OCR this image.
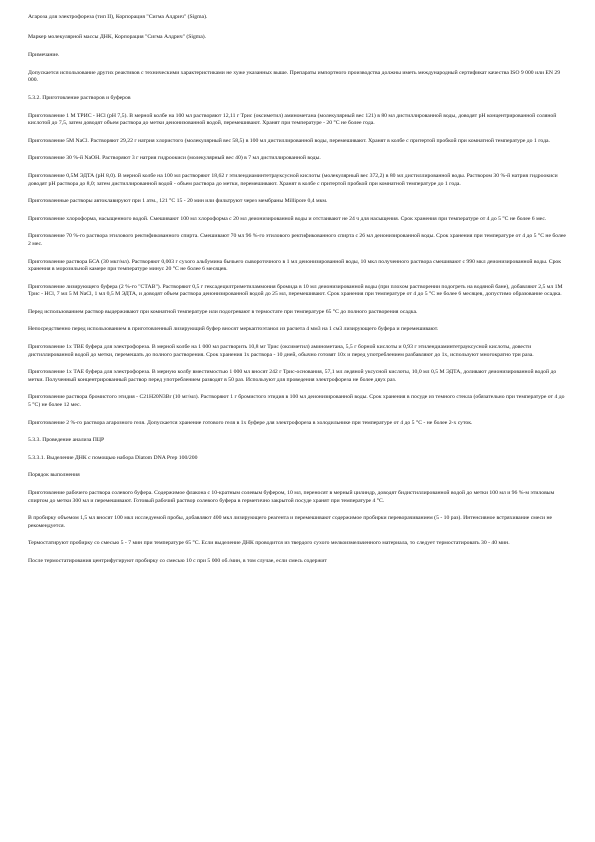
Агароза для электрофореза (тип II), Корпорация "Сигма Алдрич" (Sigma).

Маркер молекулярной массы ДНК, Корпорация "Сигма Алдрич" (Sigma).

Примечание.

Допускается использование других реактивов с техническими характеристиками не хуже указанных выше. Препараты импортного производства должны иметь международный сертификат качества ISO 9 000 или EN 29 000.

5.3.2. Приготовление растворов и буферов

Приготовление 1 М ТРИС - HCl (pH 7,5). В мерной колбе на 100 мл растворяют 12,11 г Трис (оксиметил) аминометана (молекулярный вес 121) в 80 мл дистиллированной воды, доводят pH концентрированной соляной кислотой до 7,5, затем доводят объем раствора до метки деионизованной водой, перемешивают. Хранят при температуре - 20 °С не более года.

Приготовление 5М NaCl. Растворяют 29,22 г натрия хлористого (молекулярный вес 58,5) в 100 мл дистиллированной воды, перемешивают. Хранят в колбе с притертой пробкой при комнатной температуре до 1 года.

Приготовление 30 %-й NaOH. Растворяют 3 г натрия гидроокиси (молекулярный вес 40) в 7 мл дистиллированной воды.

Приготовление 0,5М ЭДТА (pH 8,0). В мерной колбе на 100 мл растворяют 18,62 г этилендиаминтетрауксусной кислоты (молекулярный вес 372,2) в 80 мл дистиллированной воды. Раствором 30 %-й натрия гидроокиси доводят pH раствора до 8,0; затем дистиллированной водой - объем раствора до метки, перемешивают. Хранят в колбе с притертой пробкой при комнатной температуре до 1 года.

Приготовленные растворы автоклавируют при 1 атм., 121 °С 15 - 20 мин или фильтруют через мембраны Millipore 0,4 мкм.

Приготовление хлороформа, насыщенного водой. Смешивают 100 мл хлороформа с 20 мл деионизированной воды и отстаивают не 24 ч для насыщения. Срок хранения при температуре от 4 до 5 °С не более 6 мес.

Приготовление 70 %-го раствора этилового ректификованного спирта. Смешивают 70 мл 96 %-го этилового ректификованного спирта с 26 мл деионизированной воды. Срок хранения при температуре от 4 до 5 °С не более 2 мес.

Приготовление раствора БСА (30 мкг/мл). Растворяют 0,003 г сухого альбумина бычьего сывороточного в 1 мл деионизированной воды, 10 мкл полученного раствора смешивают с 990 мкл деионизированной воды. Срок хранения в морозильной камере при температуре минус 20 °С не более 6 месяцев.

Приготовление лизирующего буфера (2 %-го "СТАВ"). Растворяют 0,5 г гексадецилтриметиламмония бромида в 10 мл деионизированной воды (при плохом растворении подогреть на водяной бане), добавляют 2,5 мл 1М Трис - HCl, 7 мл 5 М NaCl, 1 мл 0,5 М ЭДТА, и доводят объем раствора деионизированной водой до 25 мл, перемешивают. Срок хранения при температуре от 4 до 5 °С не более 6 месяцев, допустимо образование осадка.

Перед использованием раствор выдерживают при комнатной температуре или подогревают в термостате при температуре 65 °С до полного растворения осадка.

Непосредственно перед использованием в приготовленный лизирующий буфер вносят меркаптоэтанол из расчета 4 мм3 на 1 см3 лизирующего буфера и перемешивают.

Приготовление 1х ТВЕ буфера для электрофореза. В мерной колбе на 1 000 мл растворить 10,8 мг Трис (оксиметил) аминометана, 5,5 г борной кислоты и 0,93 г этилендиаминтетрауксусной кислоты, довести дистиллированной водой до метки, перемешать до полного растворения. Срок хранения 1х раствора - 10 дней, обычно готовят 10х и перед употреблением разбавляют до 1х, используют многократно три раза.

Приготовление 1х ТАЕ буфера для электрофореза. В мерную колбу вместимостью 1 000 мл вносят 242 г Трис-основания, 57,1 мл ледяной уксусной кислоты, 10,0 мл 0,5 М ЭДТА, доливают деионизированной водой до метки. Полученный концентрированный раствор перед употреблением разводят в 50 раз. Используют для проведения электрофореза не более двух раз.

Приготовление раствора бромистого этидия - С21Н20N3Br (10 мг/мл). Растворяют 1 г бромистого этидия в 100 мл деионизированной воды. Срок хранения в посуде из темного стекла (обязательно при температуре от 4 до 5 °С) не более 12 мес.

Приготовление 2 %-го раствора агарозного геля. Допускается хранение готового геля в 1х буфере для электрофореза в холодильнике при температуре от 4 до 5 °С - не более 2-х суток.

5.3.3. Проведение анализа ПЦР

5.3.3.1. Выделение ДНК с помощью набора Diatom DNA Prep 100/200

Порядок выполнения

Приготовление рабочего раствора солевого буфера. Содержимое флакона с 10-кратным солевым буфером, 10 мл, переносят в мерный цилиндр, доводят бидистиллированной водой до метки 100 мл и 96 %-м этиловым спиртом до метки 300 мл и перемешивают. Готовый рабочий раствор солевого буфера в герметично закрытой посуде хранят при температуре 4 °С.

В пробирку объемом 1,5 мл вносят 100 мкл исследуемой пробы, добавляют 400 мкл лизирующего реагента и перемешивают содержимое пробирки переворачиванием (5 - 10 раз). Интенсивное встряхивание смеси не рекомендуется.

Термостатируют пробирку со смесью 5 - 7 мин при температуре 65 °С. Если выделение ДНК проводится из твердого сухого мелкоизмельченного материала, то следует термостатировать 30 - 40 мин.

После термостатирования центрифугируют пробирку со смесью 10 с при 5 000 об./мин, в том случае, если смесь содержит
